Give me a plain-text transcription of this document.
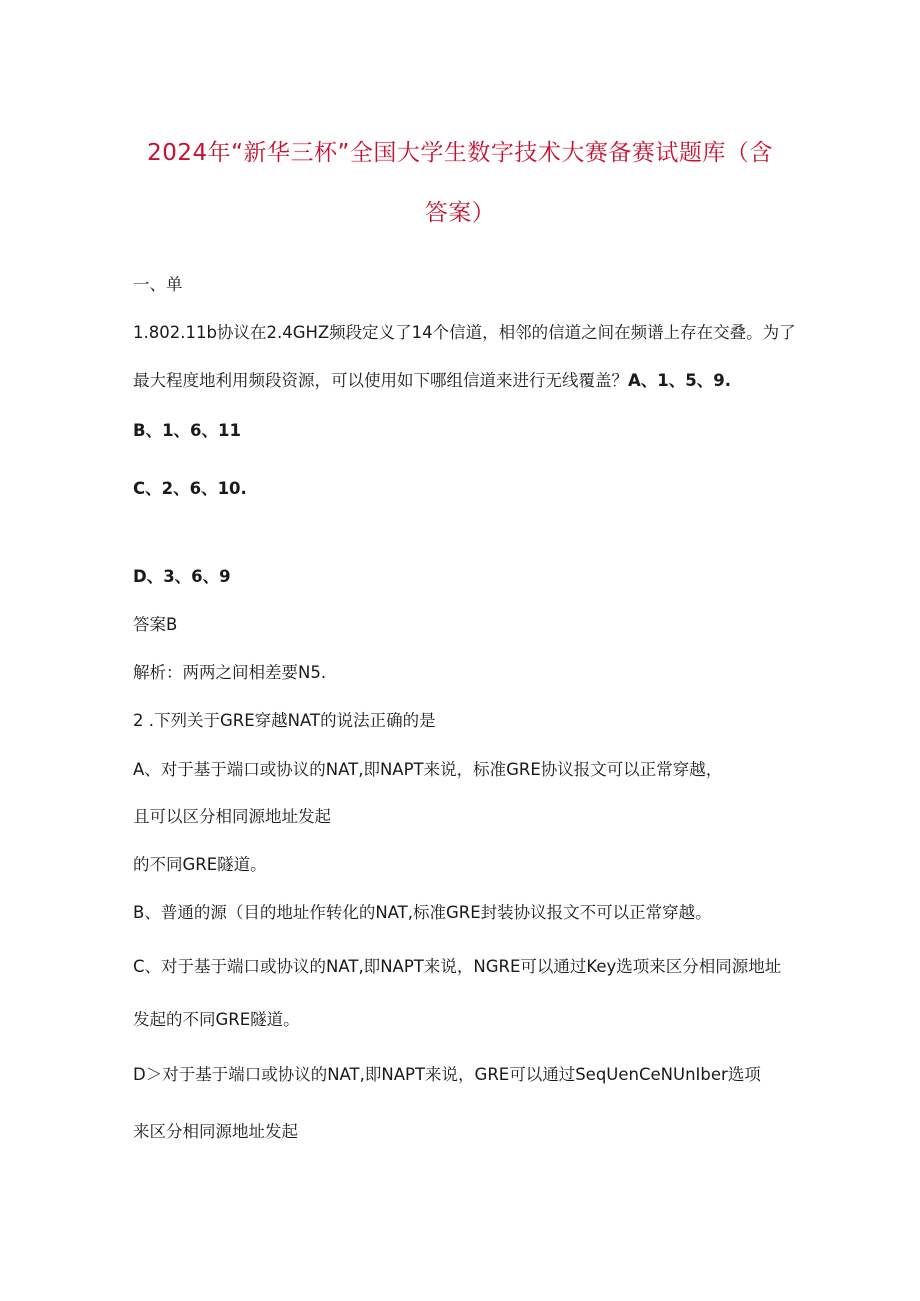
2024年“新华三杯”全国大学生数字技术大赛备赛试题库（含
答案）
一、单
1.802.11b协议在2.4GHZ频段定义了14个信道，相邻的信道之间在频谱上存在交叠。为了
最大程度地利用频段资源，可以使用如下哪组信道来进行无线覆盖？A、1、5、9.
B、1、6、11
C、2、6、10.
D、3、6、9
答案B
解析：两两之间相差要N5.
2 .下列关于GRE穿越NAT的说法正确的是
A、对于基于端口或协议的NAT,即NAPT来说，标准GRE协议报文可以正常穿越，
且可以区分相同源地址发起
的不同GRE隧道。
B、普通的源（目的地址作转化的NAT,标准GRE封装协议报文不可以正常穿越。
C、对于基于端口或协议的NAT,即NAPT来说，NGRE可以通过Key选项来区分相同源地址
发起的不同GRE隧道。
D＞对于基于端口或协议的NAT,即NAPT来说，GRE可以通过SeqUenCeNUnIber选项
来区分相同源地址发起
